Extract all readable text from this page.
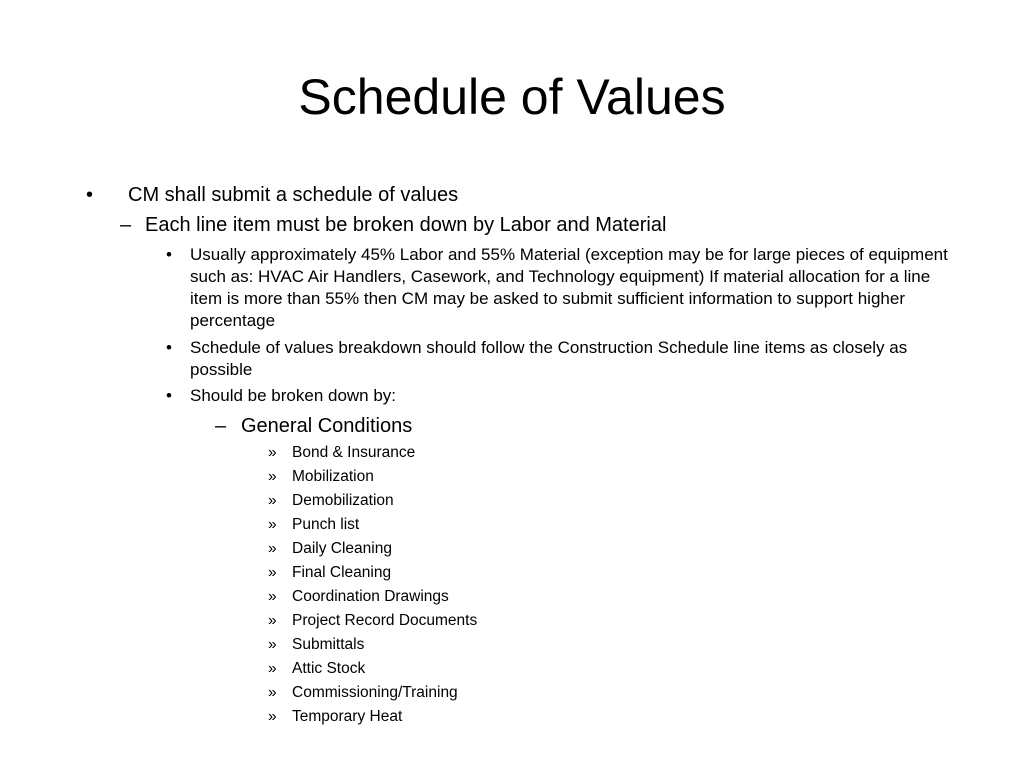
Schedule of Values
• CM shall submit a schedule of values
– Each line item must be broken down by Labor and Material
• Usually approximately 45% Labor and 55% Material (exception may be for large pieces of equipment such as: HVAC Air Handlers, Casework, and Technology equipment) If material allocation for a line item is more than 55% then CM may be asked to submit sufficient information to support higher percentage
• Schedule of values breakdown should follow the Construction Schedule line items as closely as possible
• Should be broken down by:
– General Conditions
» Bond & Insurance
» Mobilization
» Demobilization
» Punch list
» Daily Cleaning
» Final Cleaning
» Coordination Drawings
» Project Record Documents
» Submittals
» Attic Stock
» Commissioning/Training
» Temporary Heat
